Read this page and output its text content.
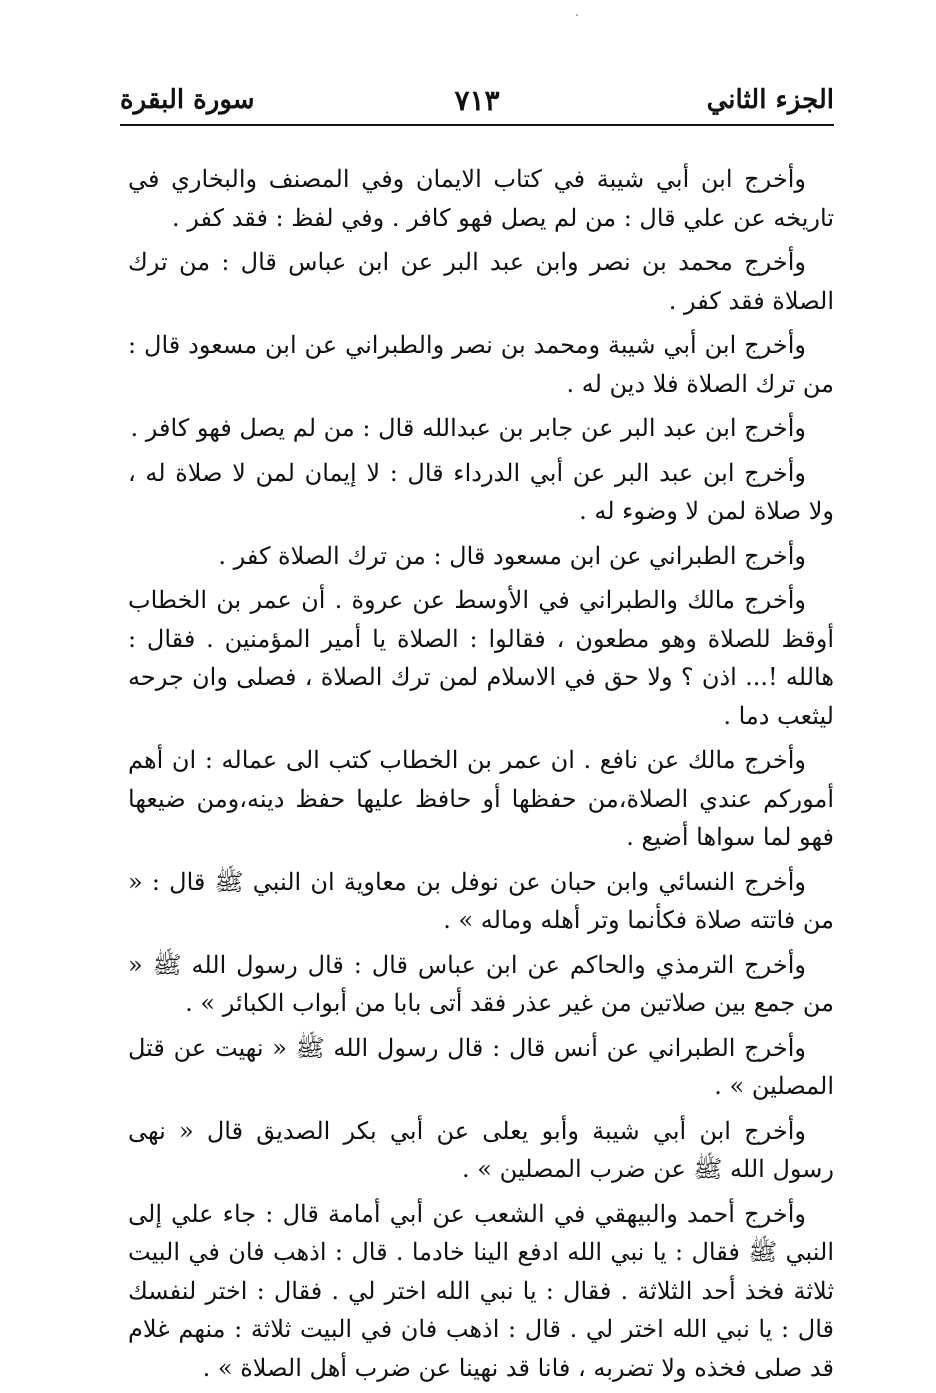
الجزء الثاني
٧١٣
سورة البقرة

وأخرج ابن أبي شيبة في كتاب الايمان وفي المصنف والبخاري في تاريخه عن علي قال : من لم يصل فهو كافر . وفي لفظ : فقد كفر .

وأخرج محمد بن نصر وابن عبد البر عن ابن عباس قال : من ترك الصلاة فقد كفر .

وأخرج ابن أبي شيبة ومحمد بن نصر والطبراني عن ابن مسعود قال : من ترك الصلاة فلا دين له .

وأخرج ابن عبد البر عن جابر بن عبدالله قال : من لم يصل فهو كافر .

وأخرج ابن عبد البر عن أبي الدرداء قال : لا إيمان لمن لا صلاة له ، ولا صلاة لمن لا وضوء له .

وأخرج الطبراني عن ابن مسعود قال : من ترك الصلاة كفر .

وأخرج مالك والطبراني في الأوسط عن عروة . أن عمر بن الخطاب أوقظ للصلاة وهو مطعون ، فقالوا : الصلاة يا أمير المؤمنين . فقال : هالله !... اذن ؟ ولا حق في الاسلام لمن ترك الصلاة ، فصلى وان جرحه ليثعب دما .

وأخرج مالك عن نافع . ان عمر بن الخطاب كتب الى عماله : ان أهم أموركم عندي الصلاة،من حفظها أو حافظ عليها حفظ دينه،ومن ضيعها فهو لما سواها أضيع .

وأخرج النسائي وابن حبان عن نوفل بن معاوية ان النبي ﷺ قال : « من فاتته صلاة فكأنما وتر أهله وماله » .

وأخرج الترمذي والحاكم عن ابن عباس قال : قال رسول الله ﷺ « من جمع بين صلاتين من غير عذر فقد أتى بابا من أبواب الكبائر » .

وأخرج الطبراني عن أنس قال : قال رسول الله ﷺ « نهيت عن قتل المصلين » .

وأخرج ابن أبي شيبة وأبو يعلى عن أبي بكر الصديق قال « نهى رسول الله ﷺ عن ضرب المصلين » .

وأخرج أحمد والبيهقي في الشعب عن أبي أمامة قال : جاء علي إلى النبي ﷺ فقال : يا نبي الله ادفع الينا خادما . قال : اذهب فان في البيت ثلاثة فخذ أحد الثلاثة . فقال : يا نبي الله اختر لي . فقال : اختر لنفسك قال : يا نبي الله اختر لي . قال : اذهب فان في البيت ثلاثة : منهم غلام قد صلى فخذه ولا تضربه ، فانا قد نهينا عن ضرب أهل الصلاة » .
